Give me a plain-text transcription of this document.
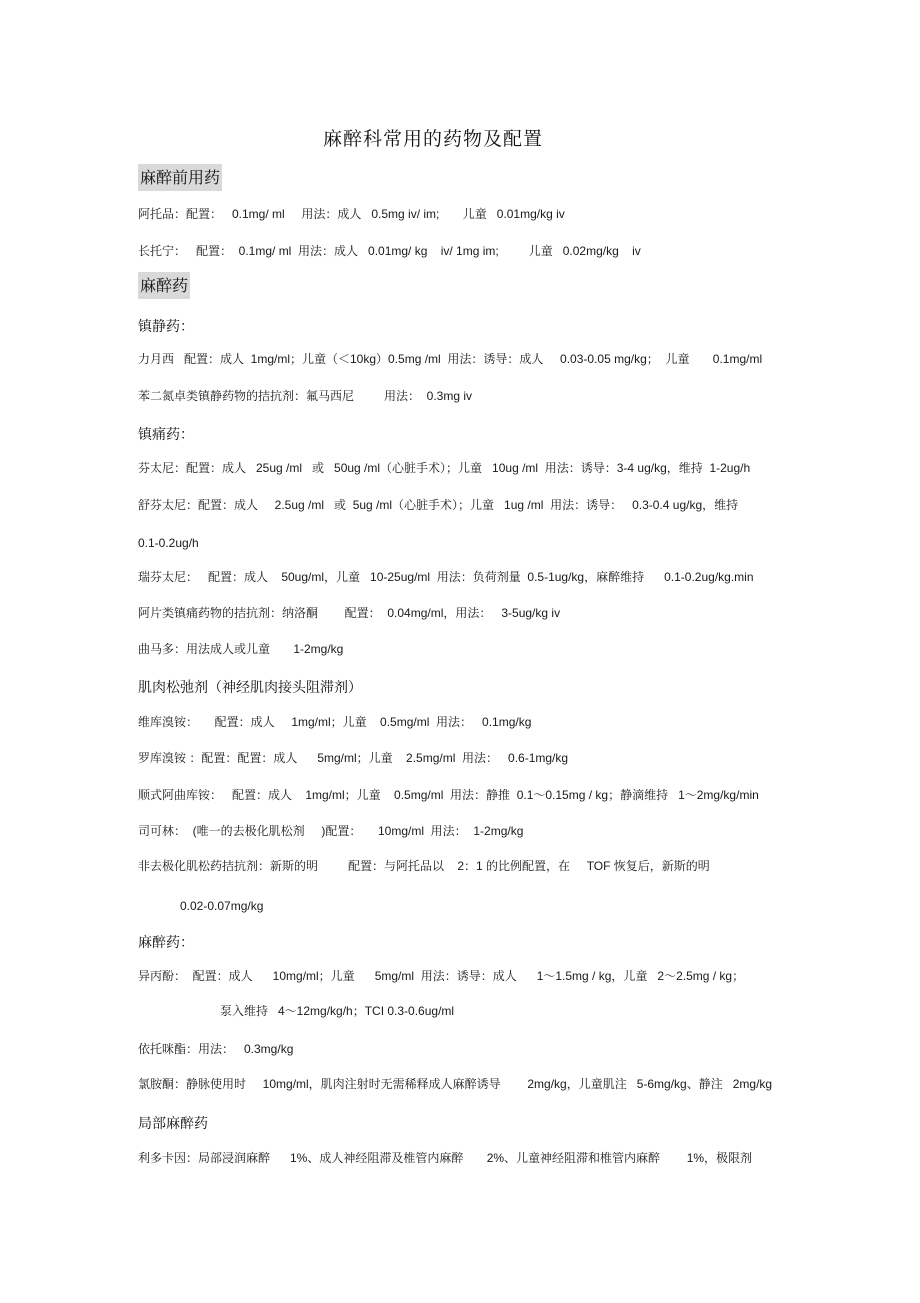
麻醉科常用的药物及配置
麻醉前用药
阿托品：配置：   0.1mg/ ml     用法：成人   0.5mg iv/ im;       儿童   0.01mg/kg iv
长托宁：   配置：  0.1mg/ ml  用法：成人   0.01mg/ kg    iv/ 1mg im;         儿童   0.02mg/kg    iv
麻醉药
镇静药：
力月西   配置：成人  1mg/ml；儿童（＜10kg）0.5mg /ml  用法：诱导：成人     0.03-0.05 mg/kg；  儿童       0.1mg/ml
苯二氮卓类镇静药物的拮抗剂：氟马西尼         用法：  0.3mg iv
镇痛药：
芬太尼：配置：成人   25ug /ml   或   50ug /ml（心脏手术）；儿童   10ug /ml  用法：诱导：3-4 ug/kg，维持  1-2ug/h
舒芬太尼：配置：成人     2.5ug /ml   或  5ug /ml（心脏手术）；儿童   1ug /ml  用法：诱导：   0.3-0.4 ug/kg，维持
0.1-0.2ug/h
瑞芬太尼：   配置：成人    50ug/ml，儿童   10-25ug/ml  用法：负荷剂量  0.5-1ug/kg，麻醉维持      0.1-0.2ug/kg.min
阿片类镇痛药物的拮抗剂：纳洛酮        配置：  0.04mg/ml，用法：   3-5ug/kg iv
曲马多：用法成人或儿童       1-2mg/kg
肌肉松弛剂（神经肌肉接头阻滞剂）
维库溴铵：     配置：成人     1mg/ml；儿童    0.5mg/ml  用法：   0.1mg/kg
罗库溴铵 ：配置：配置：成人      5mg/ml；儿童    2.5mg/ml  用法：   0.6-1mg/kg
顺式阿曲库铵：   配置：成人    1mg/ml；儿童    0.5mg/ml  用法：静推  0.1～0.15mg / kg；静滴维持   1～2mg/kg/min
司可林：  (唯一的去极化肌松剂     )配置：     10mg/ml  用法：  1-2mg/kg
非去极化肌松药拮抗剂：新斯的明         配置：与阿托品以    2：1 的比例配置，在     TOF 恢复后，新斯的明
0.02-0.07mg/kg
麻醉药：
异丙酚：  配置：成人      10mg/ml；儿童      5mg/ml  用法：诱导：成人      1～1.5mg / kg，儿童   2～2.5mg / kg；
泵入维持   4～12mg/kg/h；TCI 0.3-0.6ug/ml
依托咪酯：用法：   0.3mg/kg
氯胺酮：静脉使用时     10mg/ml，肌肉注射时无需稀释成人麻醉诱导        2mg/kg，儿童肌注   5-6mg/kg、静注   2mg/kg
局部麻醉药
利多卡因：局部浸润麻醉      1%、成人神经阻滞及椎管内麻醉       2%、儿童神经阻滞和椎管内麻醉        1%，极限剂
